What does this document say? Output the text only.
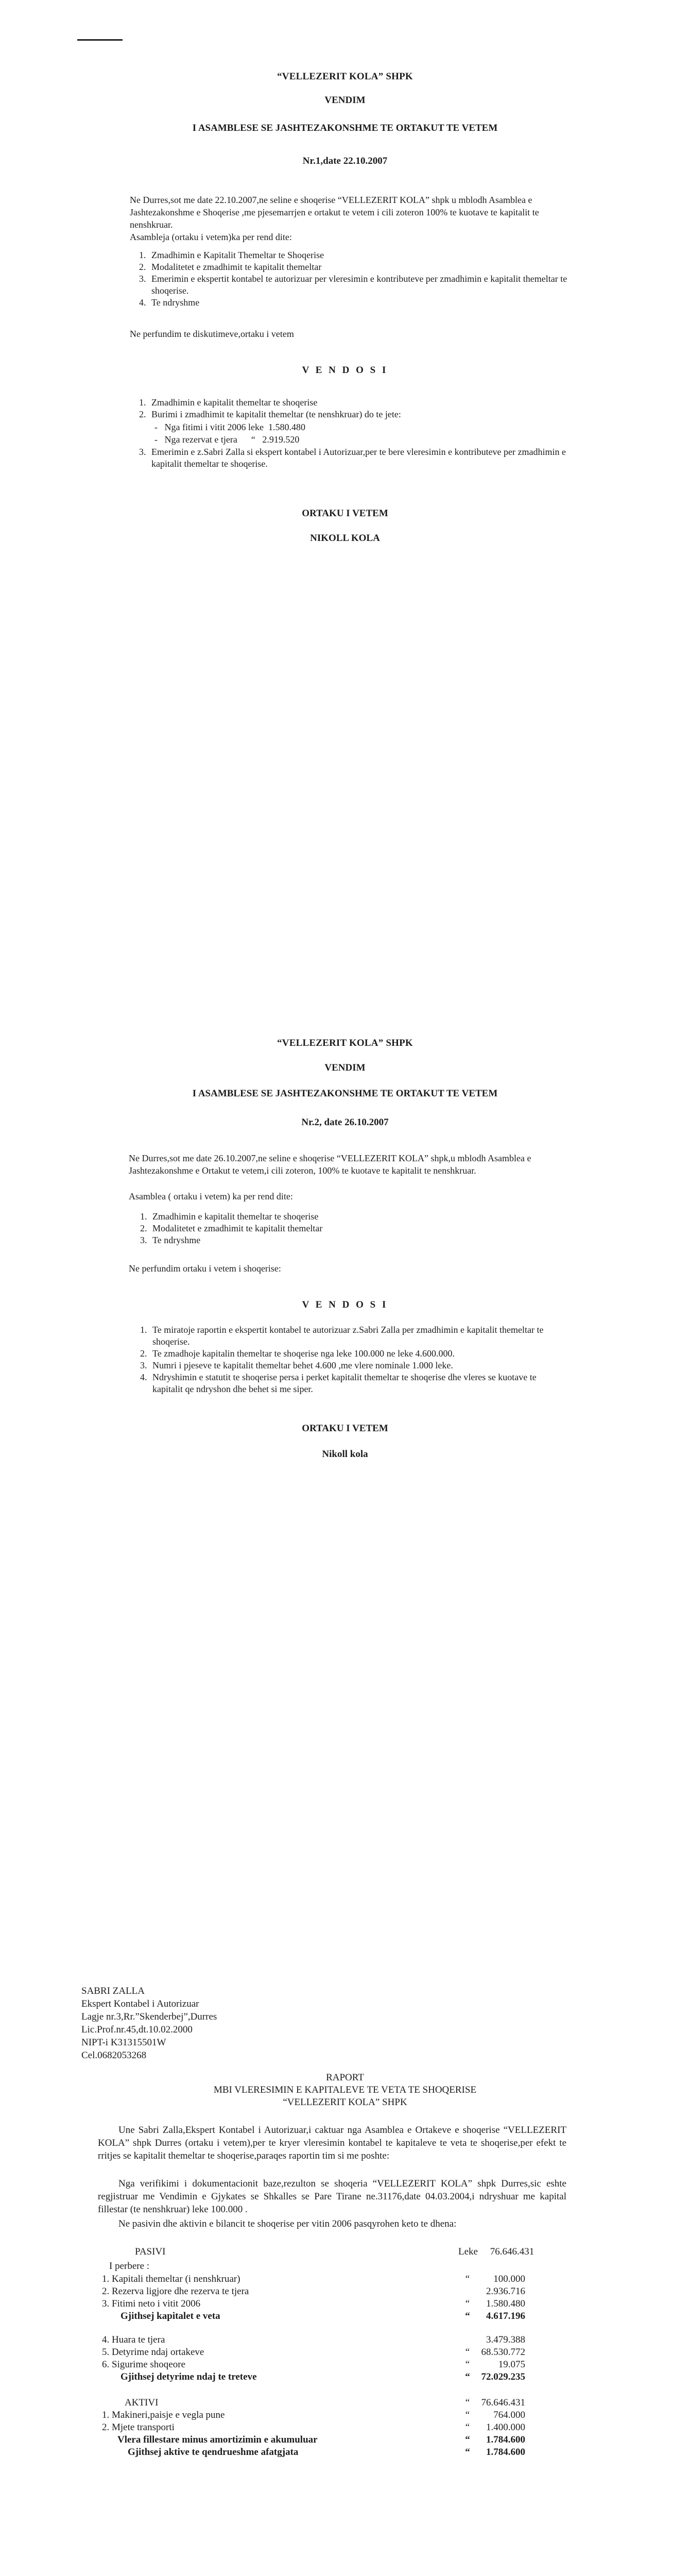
“VELLEZERIT KOLA” SHPK
VENDIM
I ASAMBLESE SE JASHTEZAKONSHME TE ORTAKUT TE VETEM
Nr.1,date 22.10.2007
Ne Durres,sot me date 22.10.2007,ne seline e shoqerise “VELLEZERIT KOLA” shpk u mblodh Asamblea e Jashtezakonshme e Shoqerise ,me pjesemarrjen e ortakut te vetem i cili zoteron 100% te kuotave te kapitalit te nenshkruar.
Asambleja (ortaku i vetem)ka per rend dite:
1. Zmadhimin e Kapitalit Themeltar te Shoqerise
2. Modalitetet e zmadhimit te kapitalit themeltar
3. Emerimin e ekspertit kontabel te autorizuar per vleresimin e kontributeve per zmadhimin e kapitalit themeltar te shoqerise.
4. Te ndryshme
Ne perfundim te diskutimeve,ortaku i vetem
V E N D O S I
1. Zmadhimin e kapitalit themeltar te shoqerise
2. Burimi i zmadhimit te kapitalit themeltar (te nenshkruar) do te jete:
-   Nga fitimi i vitit 2006 leke 1.580.480
-   Nga rezervat e tjera      “   2.919.520
3. Emerimin e z.Sabri Zalla si ekspert kontabel i Autorizuar,per te bere vleresimin e kontributeve per zmadhimin e kapitalit themeltar te shoqerise.
ORTAKU I VETEM
NIKOLL KOLA
“VELLEZERIT KOLA” SHPK
VENDIM
I ASAMBLESE SE JASHTEZAKONSHME TE ORTAKUT TE VETEM
Nr.2, date 26.10.2007
Ne Durres,sot me date 26.10.2007,ne seline e shoqerise “VELLEZERIT KOLA” shpk,u mblodh Asamblea e Jashtezakonshme e Ortakut te vetem,i cili zoteron, 100% te kuotave te kapitalit te nenshkruar.
Asamblea ( ortaku i vetem) ka per rend dite:
1. Zmadhimin e kapitalit themeltar te shoqerise
2. Modalitetet e zmadhimit te kapitalit themeltar
3. Te ndryshme
Ne perfundim ortaku i vetem i shoqerise:
V E N D O S I
1. Te miratoje raportin e ekspertit kontabel te autorizuar z.Sabri Zalla per zmadhimin e kapitalit themeltar te shoqerise.
2. Te zmadhoje kapitalin themeltar te shoqerise nga leke 100.000 ne leke 4.600.000.
3. Numri i pjeseve te kapitalit themeltar behet 4.600 ,me vlere nominale 1.000 leke.
4. Ndryshimin e statutit te shoqerise persa i perket kapitalit themeltar te shoqerise dhe vleres se kuotave te kapitalit qe ndryshon dhe behet si me siper.
ORTAKU I VETEM
Nikoll kola
SABRI ZALLA
Ekspert Kontabel i Autorizuar
Lagje nr.3,Rr.”Skenderbej”,Durres
Lic.Prof.nr.45,dt.10.02.2000
NIPT-i K31315501W
Cel.0682053268
RAPORT
MBI VLERESIMIN E KAPITALEVE TE VETA TE SHOQERISE
“VELLEZERIT KOLA” SHPK
Une Sabri Zalla,Ekspert Kontabel i Autorizuar,i caktuar nga Asamblea e Ortakeve e shoqerise “VELLEZERIT KOLA” shpk Durres (ortaku i vetem),per te kryer vleresimin kontabel te kapitaleve te veta te shoqerise,per efekt te rritjes se kapitalit themeltar te shoqerise,paraqes raportin tim si me poshte:
Nga verifikimi i dokumentacionit baze,rezulton se shoqeria “VELLEZERIT KOLA” shpk Durres,sic eshte regjistruar me Vendimin e Gjykates se Shkalles se Pare Tirane ne.31176,date 04.03.2004,i ndryshuar me kapital fillestar (te nenshkruar) leke 100.000 .
Ne pasivin dhe aktivin e bilancit te shoqerise per vitin 2006 pasqyrohen keto te dhena:
PASIVI	Leke 76.646.431
I perbere :
1. Kapitali themeltar (i nenshkruar)	“	100.000
2. Rezerva ligjore dhe rezerva te tjera		2.936.716
3. Fitimi neto i vitit 2006	“	1.580.480
Gjithsej kapitalet e veta	“	4.617.196
4. Huara te tjera		3.479.388
5. Detyrime ndaj ortakeve	“	68.530.772
6. Sigurime shoqeore	“	19.075
Gjithsej detyrime ndaj te treteve	“	72.029.235
AKTIVI	“	76.646.431
1. Makineri,paisje e vegla pune	“	764.000
2. Mjete transporti	“	1.400.000
Vlera fillestare minus amortizimin e akumuluar	“	1.784.600
Gjithsej aktive te qendrueshme afatgjata	“	1.784.600
